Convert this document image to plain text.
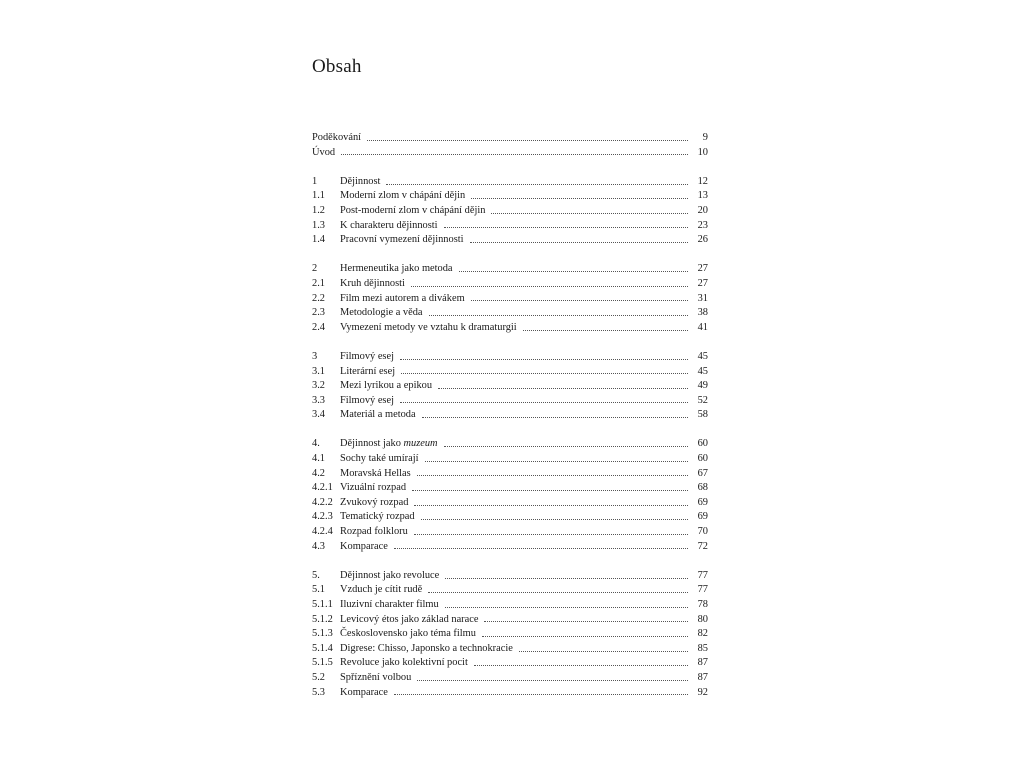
Obsah
Poděkování	9
Úvod	10
1	Dějinnost	12
1.1	Moderní zlom v chápání dějin	13
1.2	Post-moderní zlom v chápání dějin	20
1.3	K charakteru dějinnosti	23
1.4	Pracovní vymezení dějinnosti	26
2	Hermeneutika jako metoda	27
2.1	Kruh dějinnosti	27
2.2	Film mezi autorem a divákem	31
2.3	Metodologie a věda	38
2.4	Vymezení metody ve vztahu k dramaturgii	41
3	Filmový esej	45
3.1	Literární esej	45
3.2	Mezi lyrikou a epikou	49
3.3	Filmový esej	52
3.4	Materiál a metoda	58
4.	Dějinnost jako muzeum	60
4.1	Sochy také umírají	60
4.2	Moravská Hellas	67
4.2.1 Vizuální rozpad	68
4.2.2 Zvukový rozpad	69
4.2.3 Tematický rozpad	69
4.2.4 Rozpad folkloru	70
4.3	Komparace	72
5.	Dějinnost jako revoluce	77
5.1	Vzduch je cítit rudě	77
5.1.1 Iluzivní charakter filmu	78
5.1.2 Levicový étos jako základ narace	80
5.1.3 Československo jako téma filmu	82
5.1.4 Digrese: Chisso, Japonsko a technokracie	85
5.1.5 Revoluce jako kolektivní pocit	87
5.2	Spříznění volbou	87
5.3	Komparace	92
